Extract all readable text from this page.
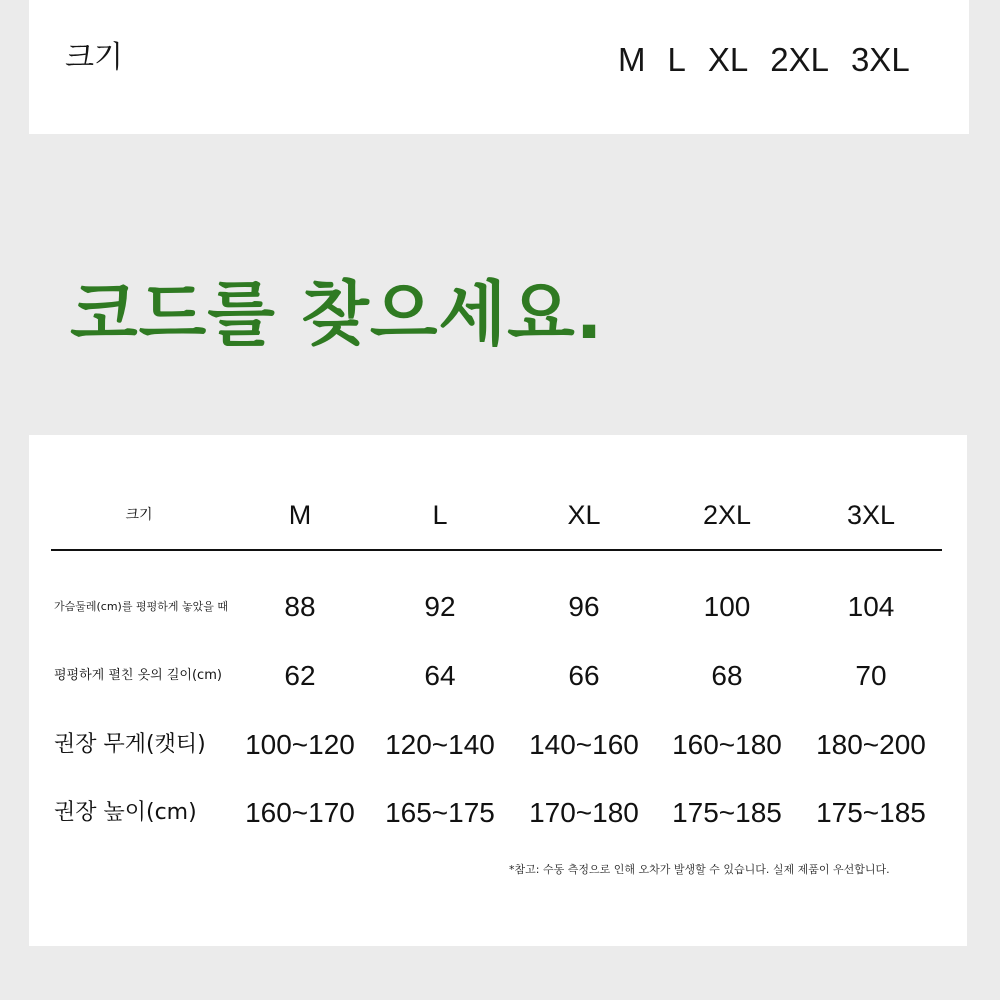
크기	M L XL 2XL 3XL
코드를 찾으세요.
크기	M	L	XL	2XL	3XL
가슴둘레(cm)를 평평하게 놓았을 때	88	92	96	100	104
평평하게 펼친 옷의 길이(cm)	62	64	66	68	70
권장 무게(캣티)	100~120	120~140	140~160	160~180	180~200
권장 높이(cm)	160~170	165~175	170~180	175~185	175~185
*참고: 수동 측정으로 인해 오차가 발생할 수 있습니다. 실제 제품이 우선합니다.
